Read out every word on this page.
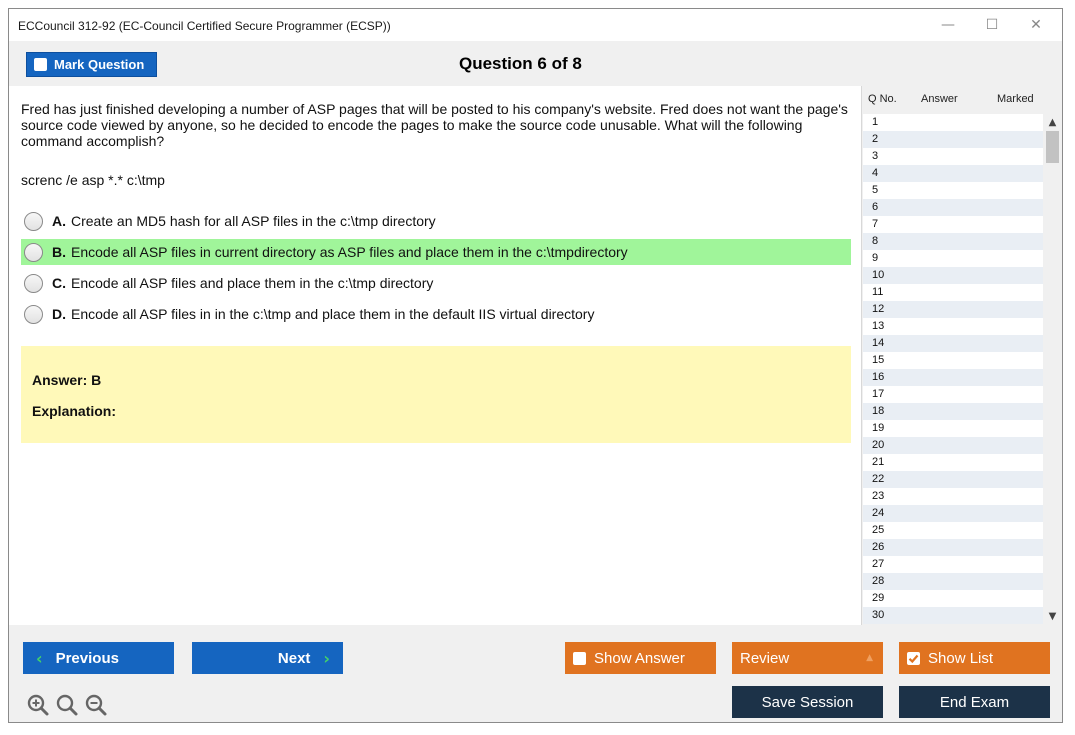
ECCouncil 312-92 (EC-Council Certified Secure Programmer (ECSP))	—	☐	✕
Mark Question	Question 6 of 8
Fred has just finished developing a number of ASP pages that will be posted to his company's website. Fred does not want the page's source code viewed by anyone, so he decided to encode the pages to make the source code unusable. What will the following command accomplish?
screnc /e asp *.* c:\tmp
A. Create an MD5 hash for all ASP files in the c:\tmp directory
B. Encode all ASP files in current directory as ASP files and place them in the c:\tmpdirectory
C. Encode all ASP files and place them in the c:\tmp directory
D. Encode all ASP files in in the c:\tmp and place them in the default IIS virtual directory
Answer: B
Explanation:
Q No. Answer	Marked
1
2
3
4
5
6
7
8
9
10
11
12
13
14
15
16
17
18
19
20
21
22
23
24
25
26
27
28
29
30
▲
▼
‹ Previous	Next ›	Show Answer	Review	▲	Show List
Save Session	End Exam
